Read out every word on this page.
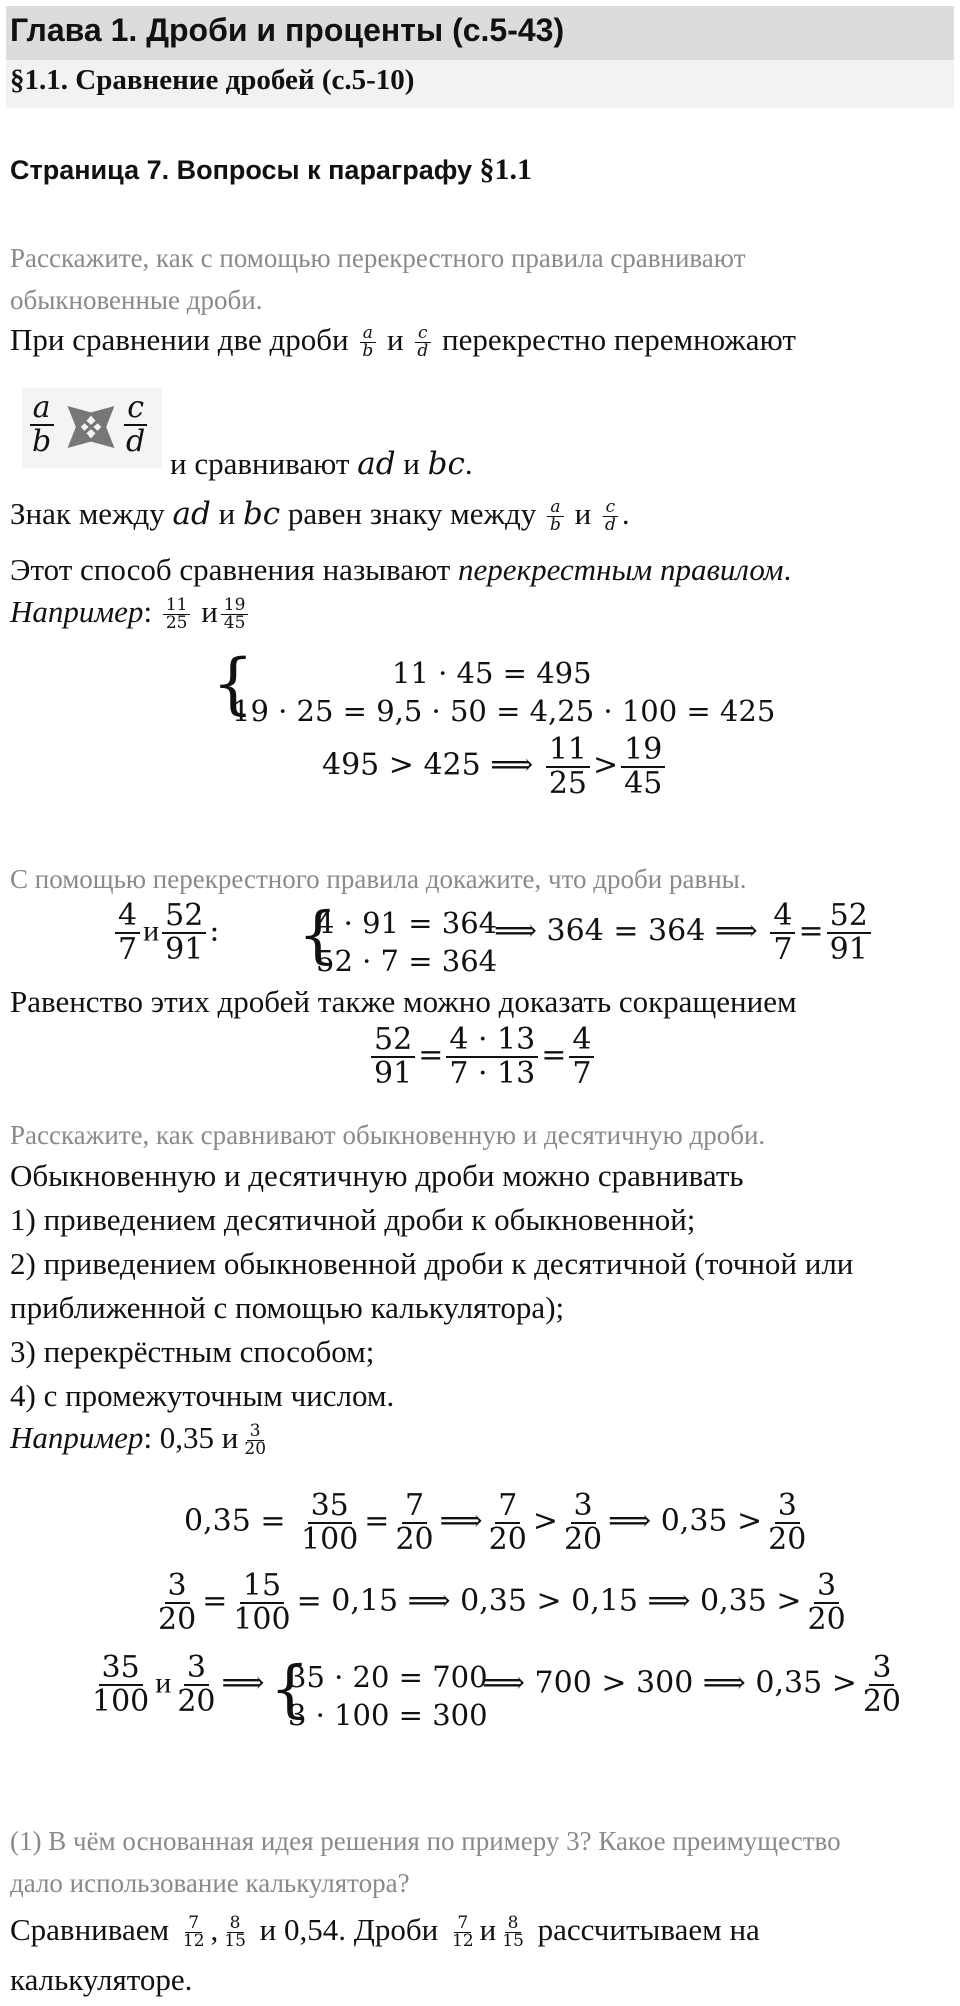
Глава 1. Дроби и проценты (с.5-43)
§1.1. Сравнение дробей (с.5-10)
Страница 7. Вопросы к параграфу §1.1
Расскажите, как с помощью перекрестного правила сравнивают
обыкновенные дроби.
При сравнении две дроби $\frac{a}{b}$ и $\frac{c}{d}$ перекрестно перемножают
$\frac{a}{b} \frac{c}{d}$
и сравнивают ad и bc.
Знак между ad и bc равен знаку между $\frac{a}{b}$ и $\frac{c}{d}$ .
Этот способ сравнения называют перекрестным правилом.
Например: $\frac{11}{25}$ и $\frac{19}{45}$
{	11 · 45 = 495
19 · 25 = 9,5 · 50 = 4,25 · 100 = 425
495 > 425 ⟹ $\frac{11}{25} > \frac{19}{45}$
С помощью перекрестного правила докажите, что дроби равны.
$\frac{4}{7}$ и $\frac{52}{91}$ : {
4 · 91 = 364
52 · 7 = 364
⟹ 364 = 364 ⟹ $\frac{4}{7} = \frac{52}{91}$
Равенство этих дробей также можно доказать сокращением
$\frac{52}{91} = \frac{4 \cdot 13}{7 \cdot 13} = \frac{4}{7}$
Расскажите, как сравнивают обыкновенную и десятичную дроби.
Обыкновенную и десятичную дроби можно сравнивать
1) приведением десятичной дроби к обыкновенной;
2) приведением обыкновенной дроби к десятичной (точной или
приближенной с помощью калькулятора);
3) перекрёстным способом;
4) с промежуточным числом.
Например: 0,35 и $\frac{3}{20}$
$0,35 = \frac{35}{100} = \frac{7}{20}$ ⟹ $\frac{7}{20} > \frac{3}{20}$ ⟹ $0,35 > \frac{3}{20}$
$\frac{3}{20} = \frac{15}{100} = 0,15$ ⟹ 0,35 > 0,15 ⟹ $0,35 > \frac{3}{20}$
$\frac{35}{100}$ и $\frac{3}{20}$ ⟹ {
35 · 20 = 700
3 · 100 = 300
⟹ 700 > 300 ⟹ $0,35 > \frac{3}{20}$
(1) В чём основанная идея решения по примеру 3? Какое преимущество
дало использование калькулятора?
Сравниваем $\frac{7}{12}$ , $\frac{8}{15}$ и 0,54. Дроби $\frac{7}{12}$ и $\frac{8}{15}$ рассчитываем на
калькуляторе.
